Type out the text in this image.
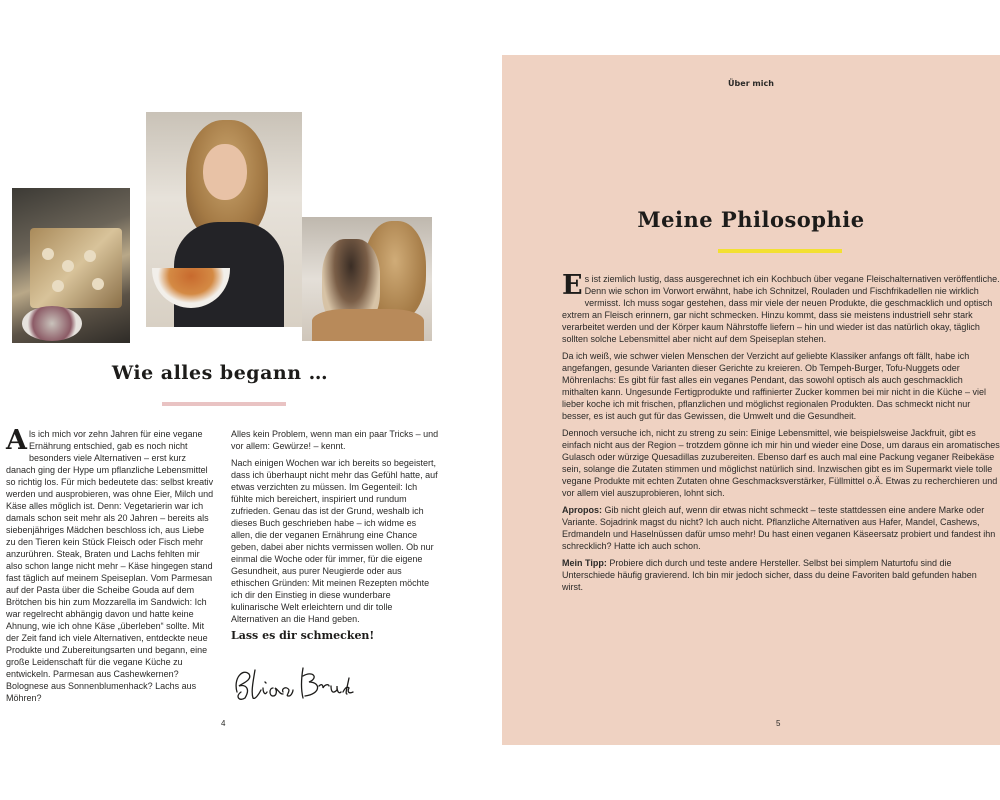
Wie alles begann …

Als ich mich vor zehn Jahren für eine vegane Ernährung entschied, gab es noch nicht besonders viele Alternativen – erst kurz danach ging der Hype um pflanzliche Lebensmittel so richtig los. Für mich bedeutete das: selbst kreativ werden und ausprobieren, was ohne Eier, Milch und Käse alles möglich ist. Denn: Vegetarierin war ich damals schon seit mehr als 20 Jahren – bereits als siebenjähriges Mädchen beschloss ich, aus Liebe zu den Tieren kein Stück Fleisch oder Fisch mehr anzurühren. Steak, Braten und Lachs fehlten mir also schon lange nicht mehr – Käse hingegen stand fast täglich auf meinem Speiseplan. Vom Parmesan auf der Pasta über die Scheibe Gouda auf dem Brötchen bis hin zum Mozzarella im Sandwich: Ich war regelrecht abhängig davon und hatte keine Ahnung, wie ich ohne Käse „überleben“ sollte. Mit der Zeit fand ich viele Alternativen, entdeckte neue Produkte und Zubereitungsarten und begann, eine große Leidenschaft für die vegane Küche zu entwickeln. Parmesan aus Cashewkernen? Bolognese aus Sonnenblumenhack? Lachs aus Möhren?

Alles kein Problem, wenn man ein paar Tricks – und vor allem: Gewürze! – kennt.

Nach einigen Wochen war ich bereits so begeistert, dass ich überhaupt nicht mehr das Gefühl hatte, auf etwas verzichten zu müssen. Im Gegenteil: Ich fühlte mich bereichert, inspiriert und rundum zufrieden. Genau das ist der Grund, weshalb ich dieses Buch geschrieben habe – ich widme es allen, die der veganen Ernährung eine Chance geben, dabei aber nichts vermissen wollen. Ob nur einmal die Woche oder für immer, für die eigene Gesundheit, aus purer Neugierde oder aus ethischen Gründen: Mit meinen Rezepten möchte ich dir den Einstieg in diese wunderbare kulinarische Welt erleichtern und dir tolle Alternativen an die Hand geben.

Lass es dir schmecken!
4
Über mich
Meine Philosophie

Es ist ziemlich lustig, dass ausgerechnet ich ein Kochbuch über vegane Fleischalternativen veröffentliche. Denn wie schon im Vorwort erwähnt, habe ich Schnitzel, Rouladen und Fischfrikadellen nie wirklich vermisst. Ich muss sogar gestehen, dass mir viele der neuen Produkte, die geschmacklich und optisch extrem an Fleisch erinnern, gar nicht schmecken. Hinzu kommt, dass sie meistens industriell sehr stark verarbeitet werden und der Körper kaum Nährstoffe liefern – hin und wieder ist das natürlich okay, täglich sollten solche Lebensmittel aber nicht auf dem Speiseplan stehen.

Da ich weiß, wie schwer vielen Menschen der Verzicht auf geliebte Klassiker anfangs oft fällt, habe ich angefangen, gesunde Varianten dieser Gerichte zu kreieren. Ob Tempeh-Burger, Tofu-Nuggets oder Möhrenlachs: Es gibt für fast alles ein veganes Pendant, das sowohl optisch als auch geschmacklich mithalten kann. Ungesunde Fertigprodukte und raffinierter Zucker kommen bei mir nicht in die Küche – viel lieber koche ich mit frischen, pflanzlichen und möglichst regionalen Produkten. Das schmeckt nicht nur besser, es ist auch gut für das Gewissen, die Umwelt und die Gesundheit.

Dennoch versuche ich, nicht zu streng zu sein: Einige Lebensmittel, wie beispielsweise Jackfruit, gibt es einfach nicht aus der Region – trotzdem gönne ich mir hin und wieder eine Dose, um daraus ein aromatisches Gulasch oder würzige Quesadillas zuzubereiten. Ebenso darf es auch mal eine Packung veganer Reibekäse sein, solange die Zutaten stimmen und möglichst natürlich sind. Inzwischen gibt es im Supermarkt viele tolle vegane Produkte mit echten Zutaten ohne Geschmacksverstärker, Füllmittel o.Ä. Etwas zu recherchieren und vor allem viel auszuprobieren, lohnt sich.

Apropos: Gib nicht gleich auf, wenn dir etwas nicht schmeckt – teste stattdessen eine andere Marke oder Variante. Sojadrink magst du nicht? Ich auch nicht. Pflanzliche Alternativen aus Hafer, Mandel, Cashews, Erdmandeln und Haselnüssen dafür umso mehr! Du hast einen veganen Käseersatz probiert und fandest ihn schrecklich? Hatte ich auch schon.

Mein Tipp: Probiere dich durch und teste andere Hersteller. Selbst bei simplem Naturtofu sind die Unterschiede häufig gravierend. Ich bin mir jedoch sicher, dass du deine Favoriten bald gefunden haben wirst.

5
